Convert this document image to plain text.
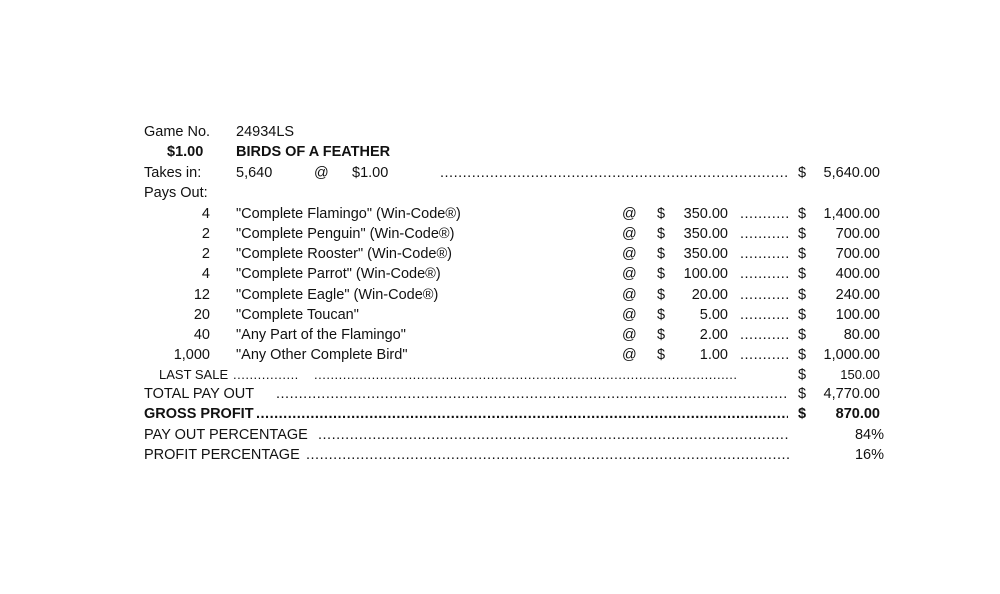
Game No. 24934LS
$1.00 BIRDS OF A FEATHER
Takes in: 5,640	@ $1.00 .....	$	5,640.00
Pays Out:
4 "Complete Flamingo" (Win-Code®)	@ $	350.00 .....	$	1,400.00
2 "Complete Penguin" (Win-Code®)	@ $	350.00 .....	$	700.00
2 "Complete Rooster" (Win-Code®)	@ $	350.00 .....	$	700.00
4 "Complete Parrot" (Win-Code®)	@ $	100.00 .....	$	400.00
12 "Complete Eagle" (Win-Code®)	@ $	20.00 .....	$	240.00
20 "Complete Toucan"	@ $	5.00 .....	$	100.00
40 "Any Part of the Flamingo"	@ $	2.00 .....	$	80.00
1,000 "Any Other Complete Bird"	@ $	1.00 .....	$	1,000.00
LAST SALE ..... .....	$	150.00
TOTAL PAY OUT .....	$	4,770.00
GROSS PROFIT .....	$	870.00
PAY OUT PERCENTAGE .....	84%
PROFIT PERCENTAGE .....	16%
